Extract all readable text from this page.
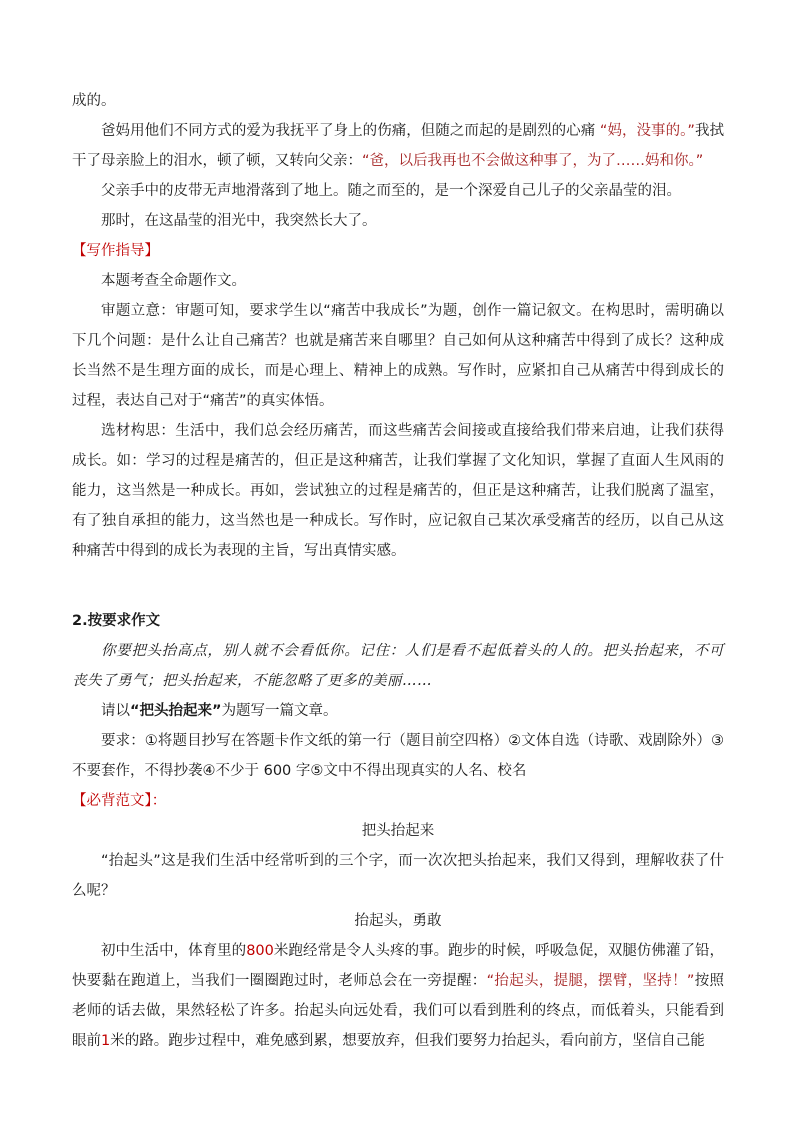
成的。

爸妈用他们不同方式的爱为我抚平了身上的伤痛，但随之而起的是剧烈的心痛 “妈，没事的。”我拭干了母亲脸上的泪水，顿了顿，又转向父亲：“爸，以后我再也不会做这种事了，为了……妈和你。”

父亲手中的皮带无声地滑落到了地上。随之而至的，是一个深爱自己儿子的父亲晶莹的泪。

那时，在这晶莹的泪光中，我突然长大了。

【写作指导】

本题考查全命题作文。

审题立意：审题可知，要求学生以“痛苦中我成长”为题，创作一篇记叙文。在构思时，需明确以下几个问题：是什么让自己痛苦？也就是痛苦来自哪里？自己如何从这种痛苦中得到了成长？这种成长当然不是生理方面的成长，而是心理上、精神上的成熟。写作时，应紧扣自己从痛苦中得到成长的过程，表达自己对于“痛苦”的真实体悟。

选材构思：生活中，我们总会经历痛苦，而这些痛苦会间接或直接给我们带来启迪，让我们获得成长。如：学习的过程是痛苦的，但正是这种痛苦，让我们掌握了文化知识，掌握了直面人生风雨的能力，这当然是一种成长。再如，尝试独立的过程是痛苦的，但正是这种痛苦，让我们脱离了温室，有了独自承担的能力，这当然也是一种成长。写作时，应记叙自己某次承受痛苦的经历，以自己从这种痛苦中得到的成长为表现的主旨，写出真情实感。

2.按要求作文

你要把头抬高点，别人就不会看低你。记住：人们是看不起低着头的人的。把头抬起来，不可丧失了勇气；把头抬起来，不能忽略了更多的美丽……

请以“把头抬起来”为题写一篇文章。

要求：①将题目抄写在答题卡作文纸的第一行（题目前空四格）②文体自选（诗歌、戏剧除外）③不要套作，不得抄袭④不少于 600 字⑤文中不得出现真实的人名、校名

【必背范文】：

把头抬起来

“抬起头”这是我们生活中经常听到的三个字，而一次次把头抬起来，我们又得到，理解收获了什么呢？

抬起头，勇敢

初中生活中，体育里的800米跑经常是令人头疼的事。跑步的时候，呼吸急促，双腿仿佛灌了铅，快要黏在跑道上，当我们一圈圈跑过时，老师总会在一旁提醒：“抬起头，提腿，摆臂，坚持！”按照老师的话去做，果然轻松了许多。抬起头向远处看，我们可以看到胜利的终点，而低着头，只能看到眼前1米的路。跑步过程中，难免感到累，想要放弃，但我们要努力抬起头，看向前方，坚信自己能
